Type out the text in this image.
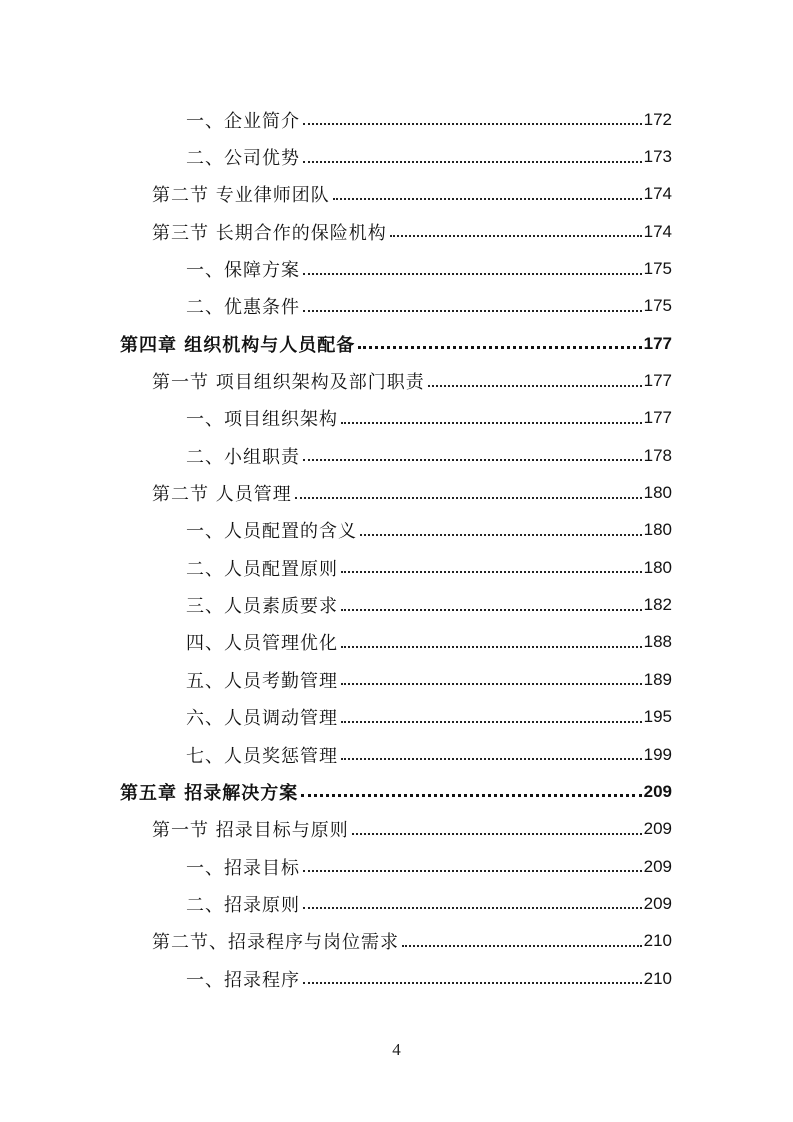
一、企业简介	172
二、公司优势	173
第二节 专业律师团队	174
第三节 长期合作的保险机构	174
一、保障方案	175
二、优惠条件	175
第四章 组织机构与人员配备	177
第一节 项目组织架构及部门职责	177
一、项目组织架构	177
二、小组职责	178
第二节 人员管理	180
一、人员配置的含义	180
二、人员配置原则	180
三、人员素质要求	182
四、人员管理优化	188
五、人员考勤管理	189
六、人员调动管理	195
七、人员奖惩管理	199
第五章 招录解决方案	209
第一节 招录目标与原则	209
一、招录目标	209
二、招录原则	209
第二节、招录程序与岗位需求	210
一、招录程序	210
4
